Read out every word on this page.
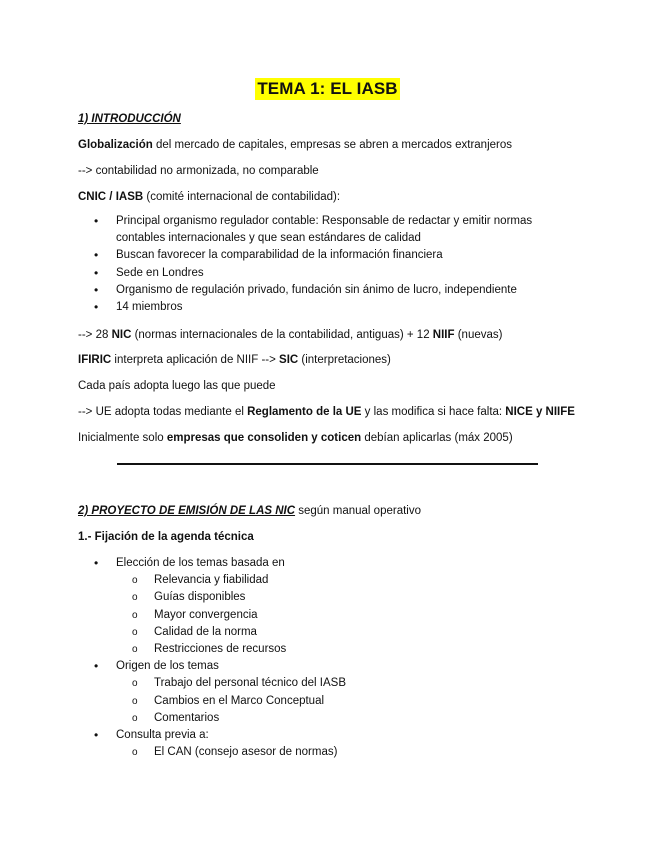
TEMA 1: EL IASB
1) INTRODUCCIÓN
Globalización del mercado de capitales, empresas se abren a mercados extranjeros
--> contabilidad no armonizada, no comparable
CNIC / IASB (comité internacional de contabilidad):
• Principal organismo regulador contable: Responsable de redactar y emitir normas contables internacionales y que sean estándares de calidad
• Buscan favorecer la comparabilidad de la información financiera
• Sede en Londres
• Organismo de regulación privado, fundación sin ánimo de lucro, independiente
• 14 miembros
--> 28 NIC (normas internacionales de la contabilidad, antiguas) + 12 NIIF (nuevas)
IFIRIC interpreta aplicación de NIIF --> SIC (interpretaciones)
Cada país adopta luego las que puede
--> UE adopta todas mediante el Reglamento de la UE y las modifica si hace falta: NICE y NIIFE
Inicialmente solo empresas que consoliden y coticen debían aplicarlas (máx 2005)
2) PROYECTO DE EMISIÓN DE LAS NIC según manual operativo
1.- Fijación de la agenda técnica
• Elección de los temas basada en
o Relevancia y fiabilidad
o Guías disponibles
o Mayor convergencia
o Calidad de la norma
o Restricciones de recursos
• Origen de los temas
o Trabajo del personal técnico del IASB
o Cambios en el Marco Conceptual
o Comentarios
• Consulta previa a:
o El CAN (consejo asesor de normas)
